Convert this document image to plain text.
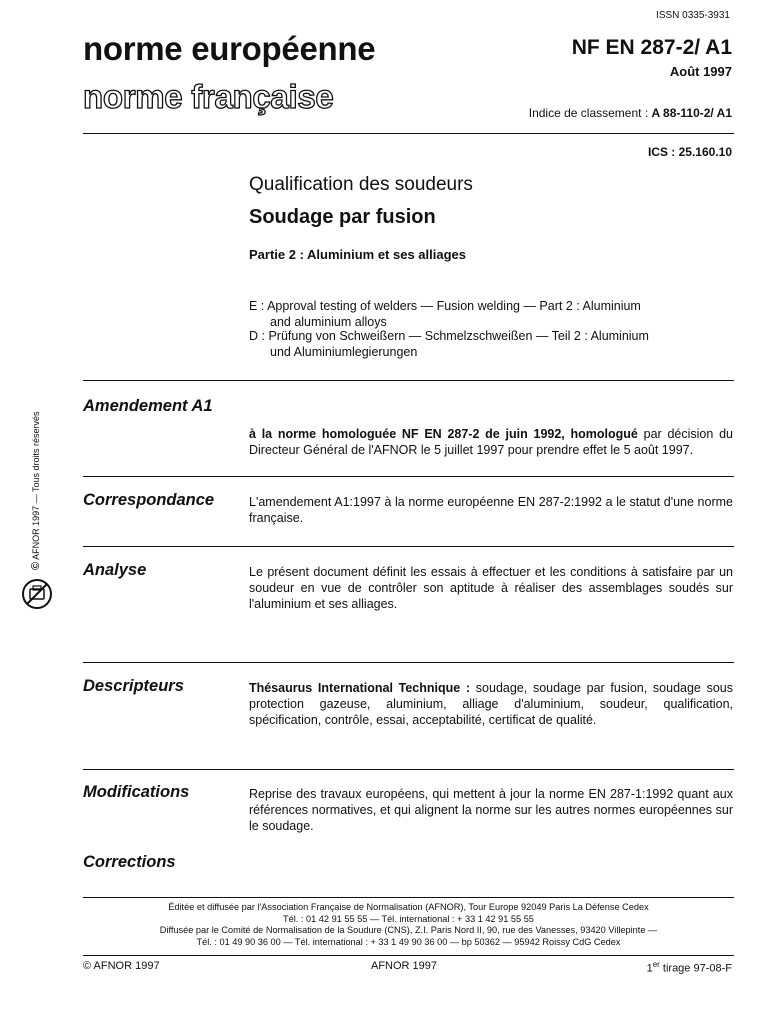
ISSN 0335-3931
norme européenne
norme française
NF EN 287-2/ A1
Août 1997
Indice de classement : A 88-110-2/ A1
ICS : 25.160.10
Qualification des soudeurs
Soudage par fusion
Partie 2 : Aluminium et ses alliages
E : Approval testing of welders — Fusion welding — Part 2 : Aluminium
and aluminium alloys
D : Prüfung von Schweißern — Schmelzschweißen — Teil 2 : Aluminium
und Aluminiumlegierungen
Amendement A1
à la norme homologuée NF EN 287-2 de juin 1992, homologué par décision du Directeur Général de l'AFNOR le 5 juillet 1997 pour prendre effet le 5 août 1997.
Correspondance	L'amendement A1:1997 à la norme européenne EN 287-2:1992 a le statut d'une norme française.
Analyse	Le présent document définit les essais à effectuer et les conditions à satisfaire par un soudeur en vue de contrôler son aptitude à réaliser des assemblages soudés sur l'aluminium et ses alliages.
Descripteurs	Thésaurus International Technique : soudage, soudage par fusion, soudage sous protection gazeuse, aluminium, alliage d'aluminium, soudeur, qualification, spécification, contrôle, essai, acceptabilité, certificat de qualité.
Modifications	Reprise des travaux européens, qui mettent à jour la norme EN 287-1:1992 quant aux références normatives, et qui alignent la norme sur les autres normes européennes sur le soudage.
Corrections
Éditée et diffusée par l'Association Française de Normalisation (AFNOR), Tour Europe 92049 Paris La Défense Cedex
Tél. : 01 42 91 55 55 — Tél. international : + 33 1 42 91 55 55
Diffusée par le Comité de Normalisation de la Soudure (CNS), Z.I. Paris Nord II, 90, rue des Vanesses, 93420 Villepinte —
Tél. : 01 49 90 36 00 — Tél. international : + 33 1 49 90 36 00 — bp 50362 — 95942 Roissy CdG Cedex
© AFNOR 1997	AFNOR 1997	1er tirage 97-08-F
© AFNOR 1997 — Tous droits réservés
